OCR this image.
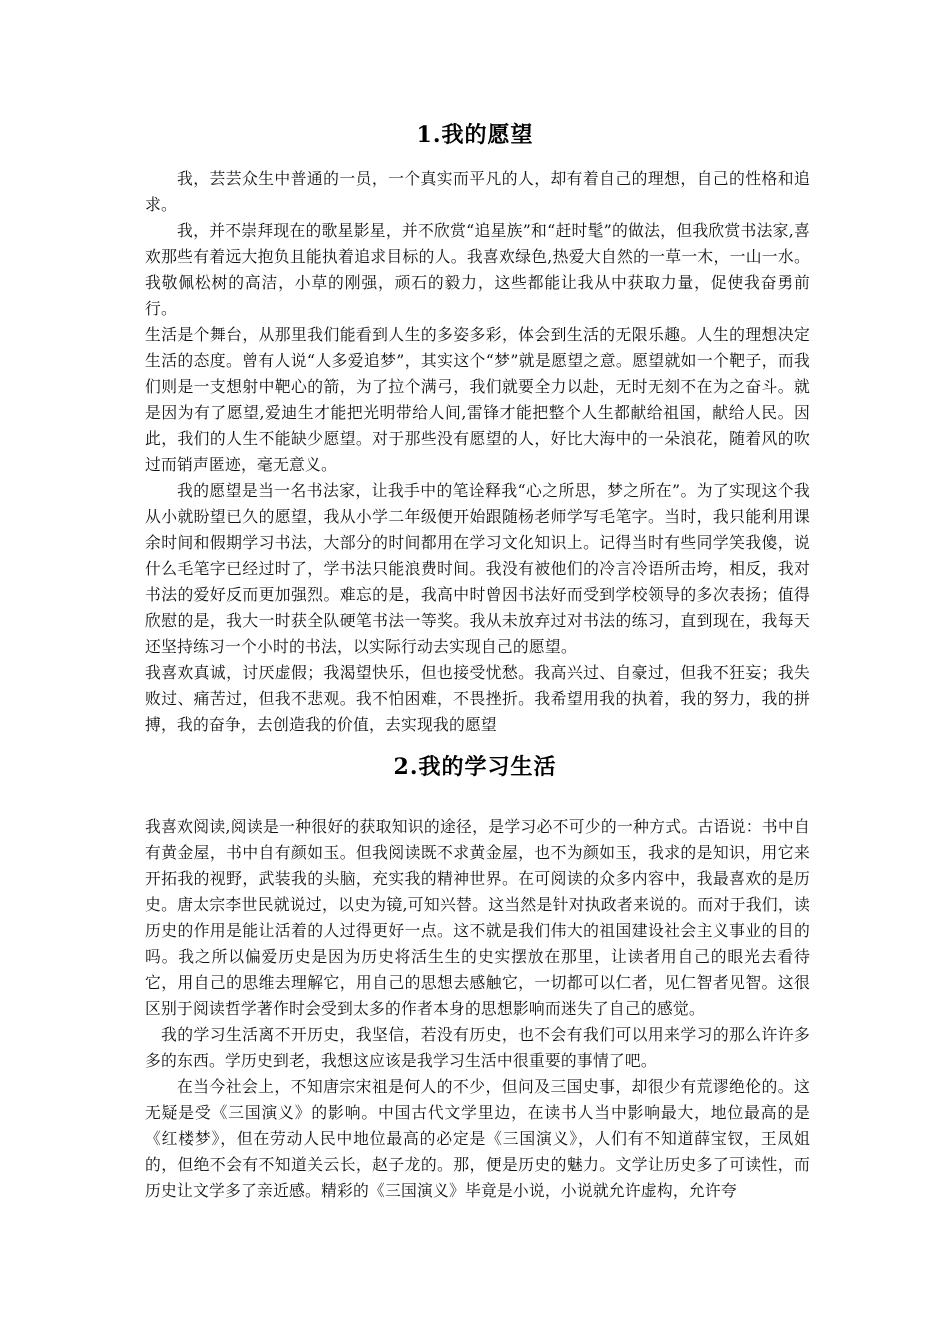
1.我的愿望

我，芸芸众生中普通的一员，一个真实而平凡的人，却有着自己的理想，自己的性格和追求。

我，并不崇拜现在的歌星影星，并不欣赏“追星族”和“赶时髦”的做法，但我欣赏书法家,喜欢那些有着远大抱负且能执着追求目标的人。我喜欢绿色,热爱大自然的一草一木，一山一水。我敬佩松树的高洁，小草的刚强，顽石的毅力，这些都能让我从中获取力量，促使我奋勇前行。

生活是个舞台，从那里我们能看到人生的多姿多彩，体会到生活的无限乐趣。人生的理想决定生活的态度。曾有人说“人多爱追梦”，其实这个“梦”就是愿望之意。愿望就如一个靶子，而我们则是一支想射中靶心的箭，为了拉个满弓，我们就要全力以赴，无时无刻不在为之奋斗。就是因为有了愿望,爱迪生才能把光明带给人间,雷锋才能把整个人生都献给祖国，献给人民。因此，我们的人生不能缺少愿望。对于那些没有愿望的人，好比大海中的一朵浪花，随着风的吹过而销声匿迹，毫无意义。

我的愿望是当一名书法家，让我手中的笔诠释我“心之所思，梦之所在”。为了实现这个我从小就盼望已久的愿望，我从小学二年级便开始跟随杨老师学写毛笔字。当时，我只能利用课余时间和假期学习书法，大部分的时间都用在学习文化知识上。记得当时有些同学笑我傻，说什么毛笔字已经过时了，学书法只能浪费时间。我没有被他们的冷言冷语所击垮，相反，我对书法的爱好反而更加强烈。难忘的是，我高中时曾因书法好而受到学校领导的多次表扬；值得欣慰的是，我大一时获全队硬笔书法一等奖。我从未放弃过对书法的练习，直到现在，我每天还坚持练习一个小时的书法，以实际行动去实现自己的愿望。

我喜欢真诚，讨厌虚假；我渴望快乐，但也接受忧愁。我高兴过、自豪过，但我不狂妄；我失败过、痛苦过，但我不悲观。我不怕困难，不畏挫折。我希望用我的执着，我的努力，我的拼搏，我的奋争，去创造我的价值，去实现我的愿望

2.我的学习生活

我喜欢阅读,阅读是一种很好的获取知识的途径，是学习必不可少的一种方式。古语说：书中自有黄金屋，书中自有颜如玉。但我阅读既不求黄金屋，也不为颜如玉，我求的是知识，用它来开拓我的视野，武装我的头脑，充实我的精神世界。在可阅读的众多内容中，我最喜欢的是历史。唐太宗李世民就说过，以史为镜,可知兴替。这当然是针对执政者来说的。而对于我们，读历史的作用是能让活着的人过得更好一点。这不就是我们伟大的祖国建设社会主义事业的目的吗。我之所以偏爱历史是因为历史将活生生的史实摆放在那里，让读者用自己的眼光去看待它，用自己的思维去理解它，用自己的思想去感触它，一切都可以仁者，见仁智者见智。这很区别于阅读哲学著作时会受到太多的作者本身的思想影响而迷失了自己的感觉。

我的学习生活离不开历史，我坚信，若没有历史，也不会有我们可以用来学习的那么许许多多的东西。学历史到老，我想这应该是我学习生活中很重要的事情了吧。

在当今社会上，不知唐宗宋祖是何人的不少，但问及三国史事，却很少有荒谬绝伦的。这无疑是受《三国演义》的影响。中国古代文学里边，在读书人当中影响最大，地位最高的是《红楼梦》，但在劳动人民中地位最高的必定是《三国演义》，人们有不知道薛宝钗，王凤姐的，但绝不会有不知道关云长，赵子龙的。那，便是历史的魅力。文学让历史多了可读性，而历史让文学多了亲近感。精彩的《三国演义》毕竟是小说，小说就允许虚构，允许夸
